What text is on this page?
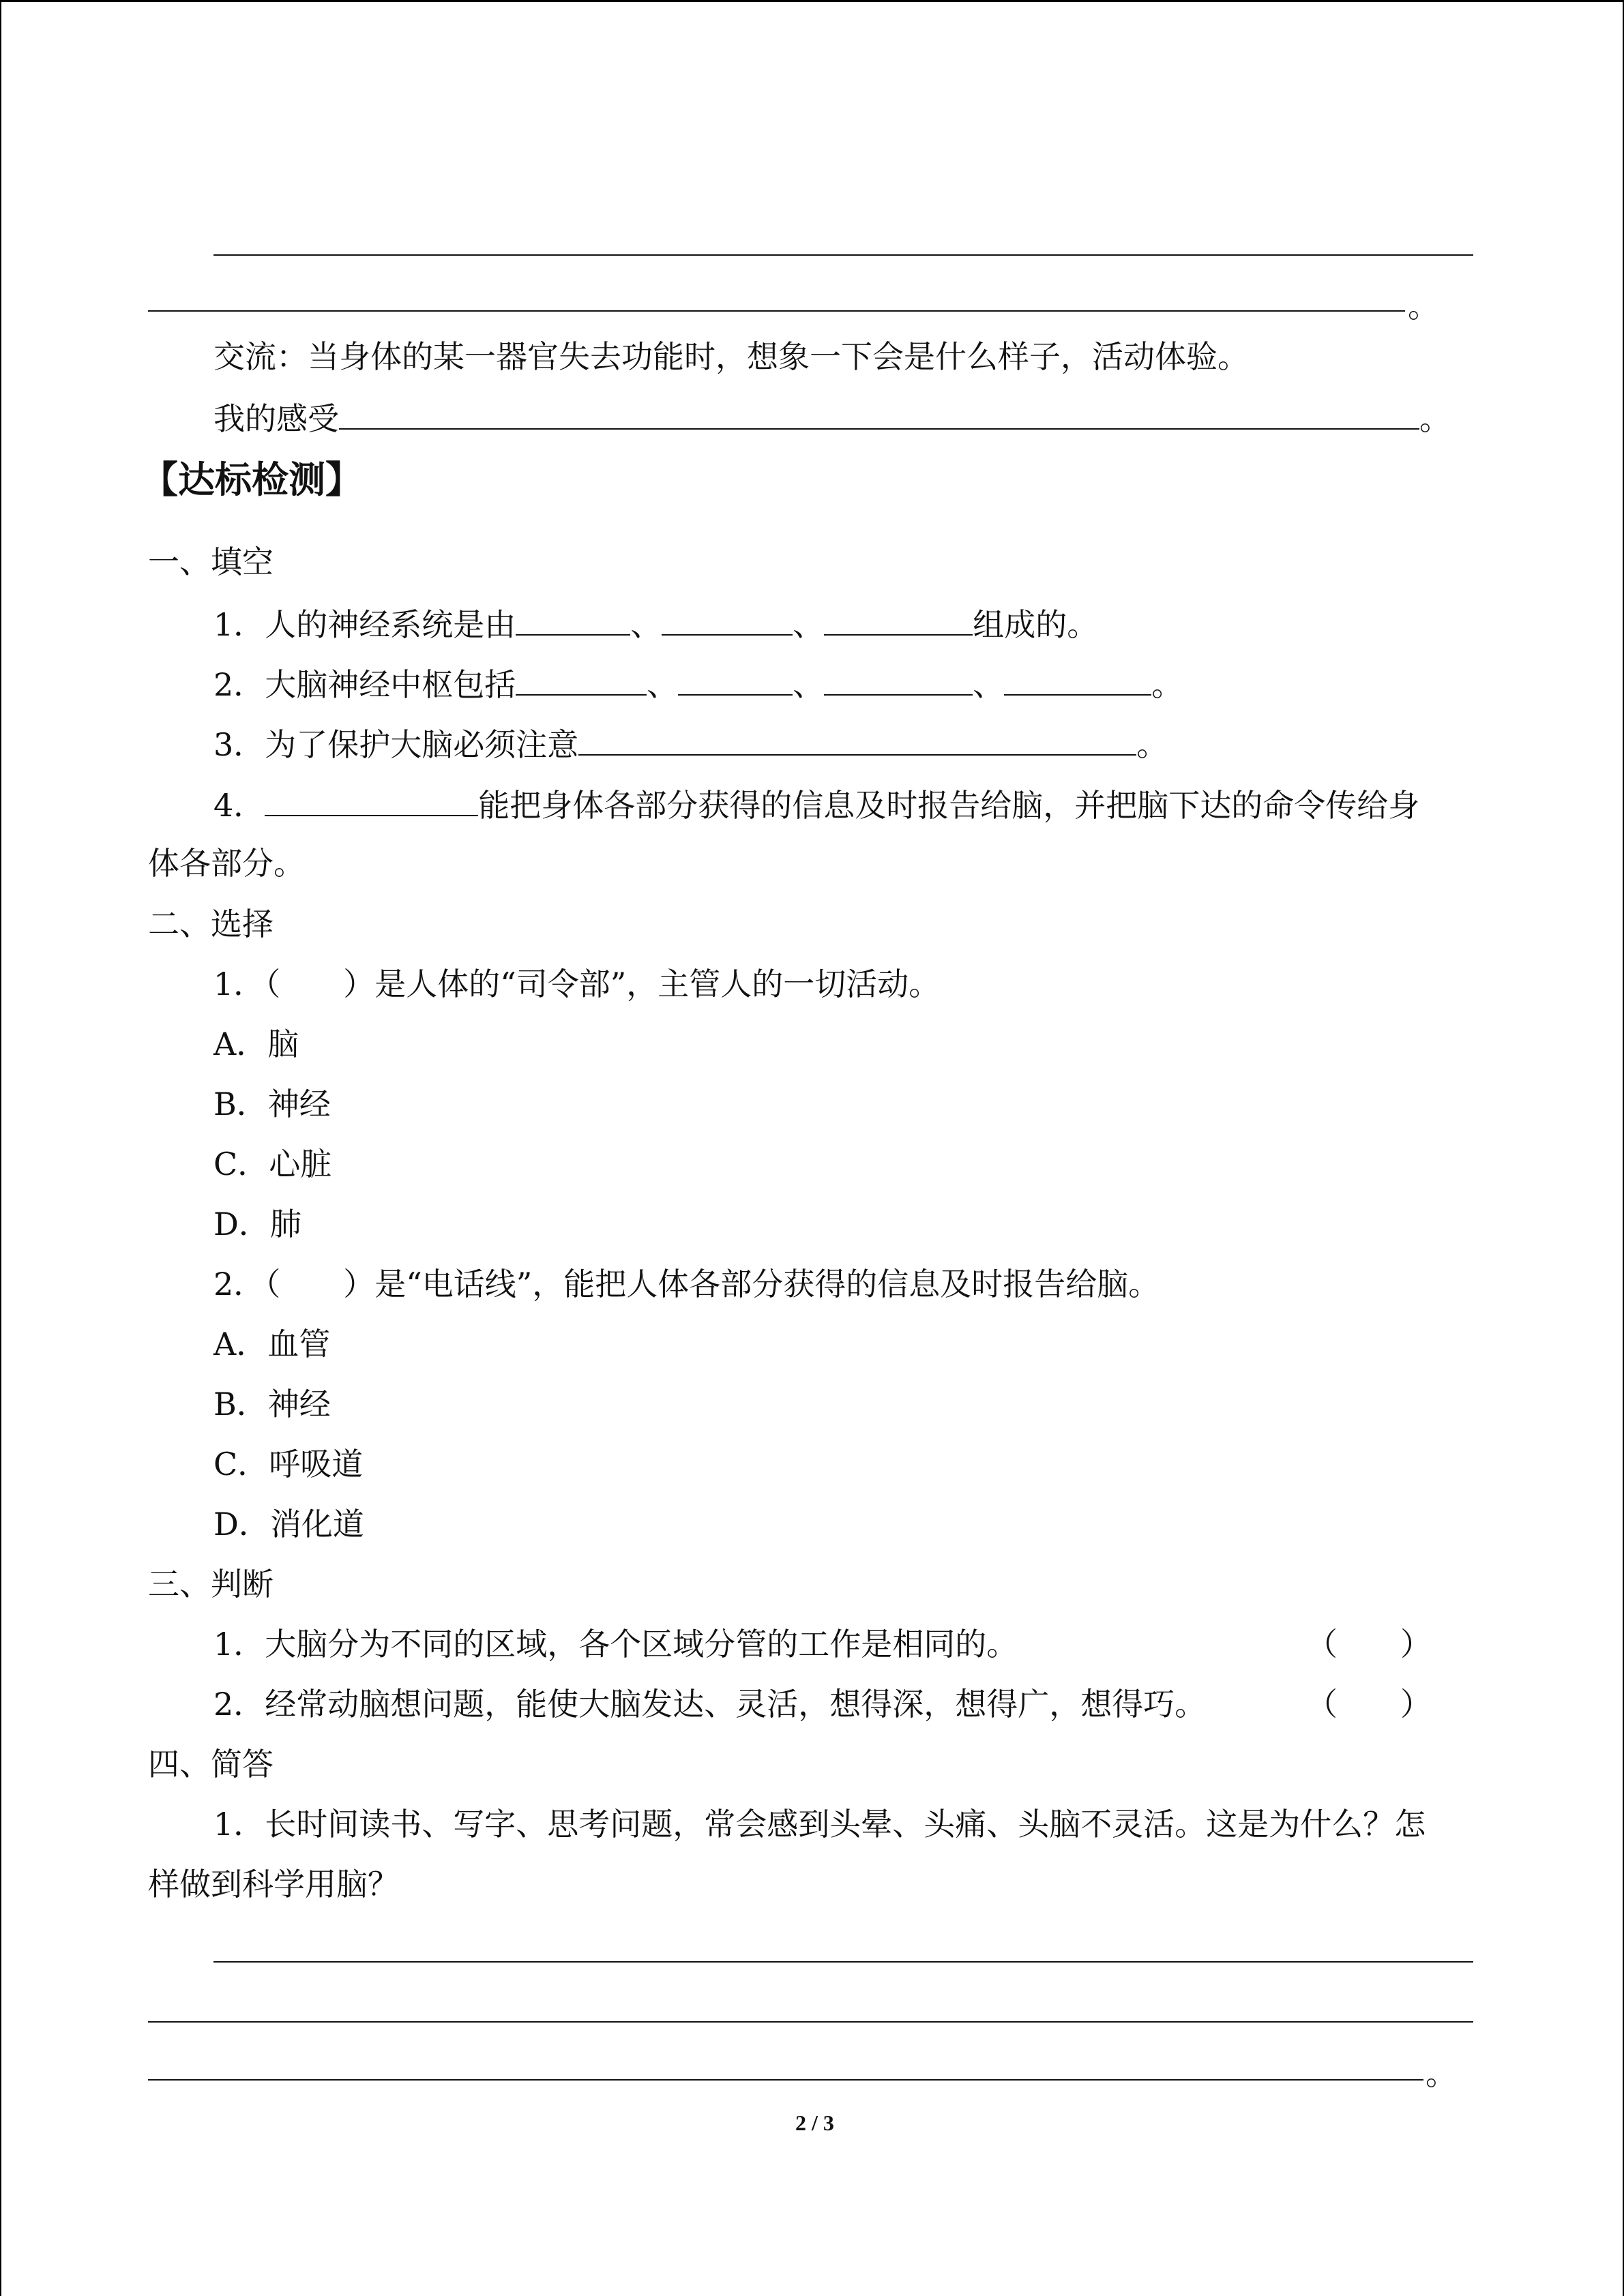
。
交流：当身体的某一器官失去功能时，想象一下会是什么样子，活动体验。
我的感受	。
【达标检测】
一、填空
1．人的神经系统是由	、	、	组成的。
2．大脑神经中枢包括	、	、	、	。
3．为了保护大脑必须注意	。
4．	能把身体各部分获得的信息及时报告给脑，并把脑下达的命令传给身
体各部分。
二、选择
1．（　　）是人体的“司令部”，主管人的一切活动。
A．脑
B．神经
C．心脏
D．肺
2．（　　）是“电话线”，能把人体各部分获得的信息及时报告给脑。
A．血管
B．神经
C．呼吸道
D．消化道
三、判断
1．大脑分为不同的区域，各个区域分管的工作是相同的。	（　　）
2．经常动脑想问题，能使大脑发达、灵活，想得深，想得广，想得巧。	（　　）
四、简答
1．长时间读书、写字、思考问题，常会感到头晕、头痛、头脑不灵活。这是为什么？怎
样做到科学用脑？
。
2 / 3
